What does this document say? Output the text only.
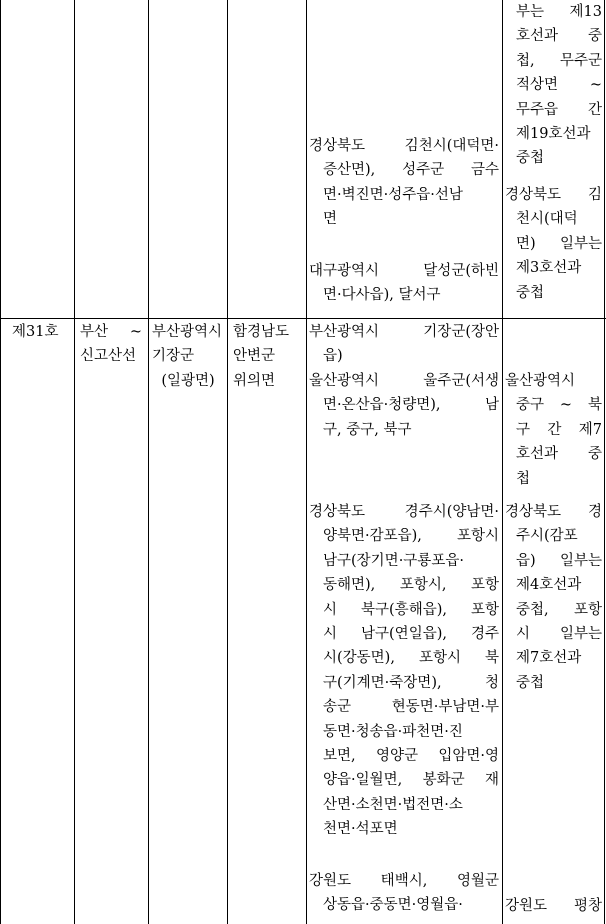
부는 제13
호선과 중
첩, 무주군
적상면 ~
무주읍 간
제19호선과
중첩
경상북도 김천시(대덕면·
증산면), 성주군 금수
면·벽진면·성주읍·선남
면
경상북도 김
천시(대덕
면) 일부는
제3호선과
중첩
대구광역시 달성군(하빈
면·다사읍), 달서구
제31호 부산 ~
신고산선
부산광역시
기장군
(일광면)
함경남도
안변군
위의면
부산광역시 기장군(장안
읍)
울산광역시 울주군(서생
면·온산읍·청량면), 남
구, 중구, 북구
울산광역시
중구 ~ 북
구 간 제7
호선과 중
첩
경상북도 경주시(양남면·
양북면·감포읍), 포항시
남구(장기면·구룡포읍·
동해면), 포항시, 포항
시 북구(흥해읍), 포항
시 남구(연일읍), 경주
시(강동면), 포항시 북
구(기계면·죽장면), 청
송군 현동면·부남면·부
동면·청송읍·파천면·진
보면, 영양군 입암면·영
양읍·일월면, 봉화군 재
산면·소천면·법전면·소
천면·석포면
경상북도 경
주시(감포
읍) 일부는
제4호선과
중첩, 포항
시 일부는
제7호선과
중첩
강원도 태백시, 영월군
상동읍·중동면·영월읍·	강원도 평창
